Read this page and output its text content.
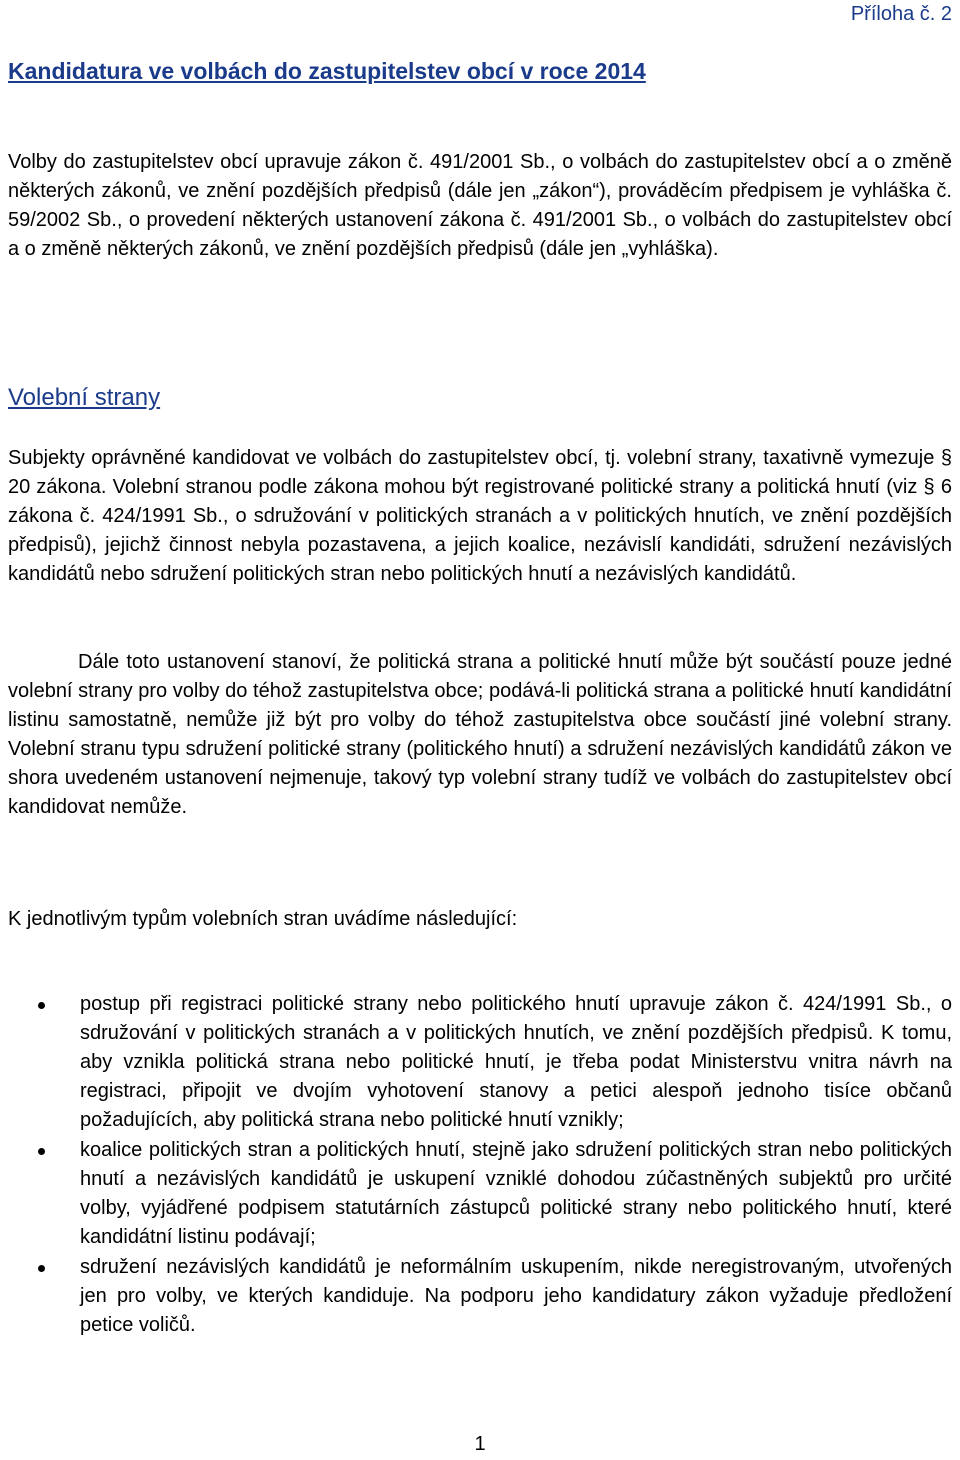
Příloha č. 2
Kandidatura ve volbách do zastupitelstev obcí v roce 2014

Volby do zastupitelstev obcí upravuje zákon č. 491/2001 Sb., o volbách do zastupitelstev obcí a o změně některých zákonů, ve znění pozdějších předpisů (dále jen „zákon“), prováděcím předpisem je vyhláška č. 59/2002 Sb., o provedení některých ustanovení zákona č. 491/2001 Sb., o volbách do zastupitelstev obcí a o změně některých zákonů, ve znění pozdějších předpisů (dále jen „vyhláška).

Volební strany

Subjekty oprávněné kandidovat ve volbách do zastupitelstev obcí, tj. volební strany, taxativně vymezuje § 20 zákona. Volební stranou podle zákona mohou být registrované politické strany a politická hnutí (viz § 6 zákona č. 424/1991 Sb., o sdružování v politických stranách a v politických hnutích, ve znění pozdějších předpisů), jejichž činnost nebyla pozastavena, a jejich koalice, nezávislí kandidáti, sdružení nezávislých kandidátů nebo sdružení politických stran nebo politických hnutí a nezávislých kandidátů.

Dále toto ustanovení stanoví, že politická strana a politické hnutí může být součástí pouze jedné volební strany pro volby do téhož zastupitelstva obce; podává-li politická strana a politické hnutí kandidátní listinu samostatně, nemůže již být pro volby do téhož zastupitelstva obce součástí jiné volební strany. Volební stranu typu sdružení politické strany (politického hnutí) a sdružení nezávislých kandidátů zákon ve shora uvedeném ustanovení nejmenuje, takový typ volební strany tudíž ve volbách do zastupitelstev obcí kandidovat nemůže.

K jednotlivým typům volebních stran uvádíme následující:

postup při registraci politické strany nebo politického hnutí upravuje zákon č. 424/1991 Sb., o sdružování v politických stranách a v politických hnutích, ve znění pozdějších předpisů. K tomu, aby vznikla politická strana nebo politické hnutí, je třeba podat Ministerstvu vnitra návrh na registraci, připojit ve dvojím vyhotovení stanovy a petici alespoň jednoho tisíce občanů požadujících, aby politická strana nebo politické hnutí vznikly;
koalice politických stran a politických hnutí, stejně jako sdružení politických stran nebo politických hnutí a nezávislých kandidátů je uskupení vzniklé dohodou zúčastněných subjektů pro určité volby, vyjádřené podpisem statutárních zástupců politické strany nebo politického hnutí, které kandidátní listinu podávají;
sdružení nezávislých kandidátů je neformálním uskupením, nikde neregistrovaným, utvořených jen pro volby, ve kterých kandiduje. Na podporu jeho kandidatury zákon vyžaduje předložení petice voličů.
1
